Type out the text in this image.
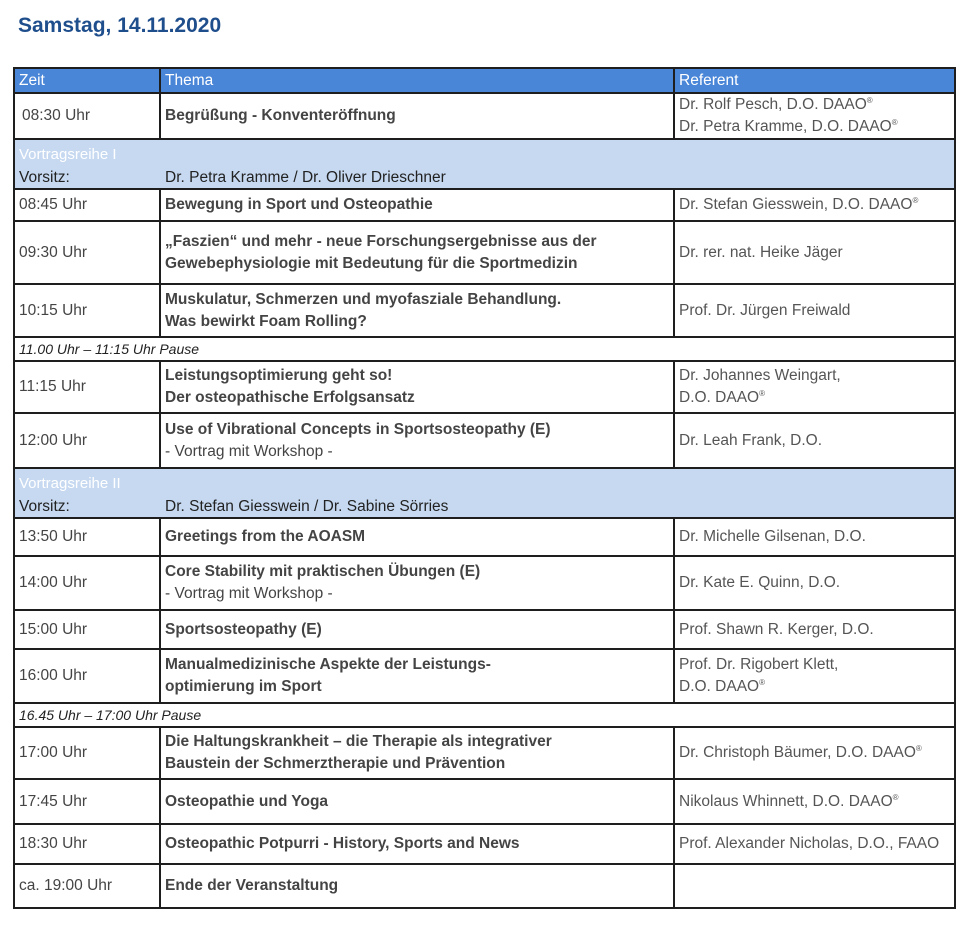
Samstag, 14.11.2020
Zeit	Thema	Referent
08:30 Uhr	Begrüßung - Konventeröffnung	Dr. Rolf Pesch, D.O. DAAO®
Dr. Petra Kramme, D.O. DAAO®

Vortragsreihe I
Vorsitz: Dr. Petra Kramme / Dr. Oliver Drieschner		

08:45 Uhr	Bewegung in Sport und Osteopathie	Dr. Stefan Giesswein, D.O. DAAO®
09:30 Uhr	„Faszien“ und mehr - neue Forschungsergebnisse aus der
Gewebephysiologie mit Bedeutung für die Sportmedizin	Dr. rer. nat. Heike Jäger
10:15 Uhr	Muskulatur, Schmerzen und myofasziale Behandlung.
Was bewirkt Foam Rolling?	Prof. Dr. Jürgen Freiwald
11.00 Uhr – 11:15 Uhr Pause		
11:15 Uhr	Leistungsoptimierung geht so!
Der osteopathische Erfolgsansatz	Dr. Johannes Weingart,
D.O. DAAO®
12:00 Uhr	Use of Vibrational Concepts in Sportsosteopathy (E)
- Vortrag mit Workshop -	Dr. Leah Frank, D.O.

Vortragsreihe II
Vorsitz: Dr. Stefan Giesswein / Dr. Sabine Sörries		

13:50 Uhr	Greetings from the AOASM	Dr. Michelle Gilsenan, D.O.
14:00 Uhr	Core Stability mit praktischen Übungen (E)
- Vortrag mit Workshop -	Dr. Kate E. Quinn, D.O.
15:00 Uhr	Sportsosteopathy (E)	Prof. Shawn R. Kerger, D.O.
16:00 Uhr	Manualmedizinische Aspekte der Leistungs-
optimierung im Sport	Prof. Dr. Rigobert Klett,
D.O. DAAO®
16.45 Uhr – 17:00 Uhr Pause		
17:00 Uhr	Die Haltungskrankheit – die Therapie als integrativer
Baustein der Schmerztherapie und Prävention	Dr. Christoph Bäumer, D.O. DAAO®
17:45 Uhr	Osteopathie und Yoga	Nikolaus Whinnett, D.O. DAAO®
18:30 Uhr	Osteopathic Potpurri - History, Sports and News	Prof. Alexander Nicholas, D.O., FAAO
ca. 19:00 Uhr	Ende der Veranstaltung	
